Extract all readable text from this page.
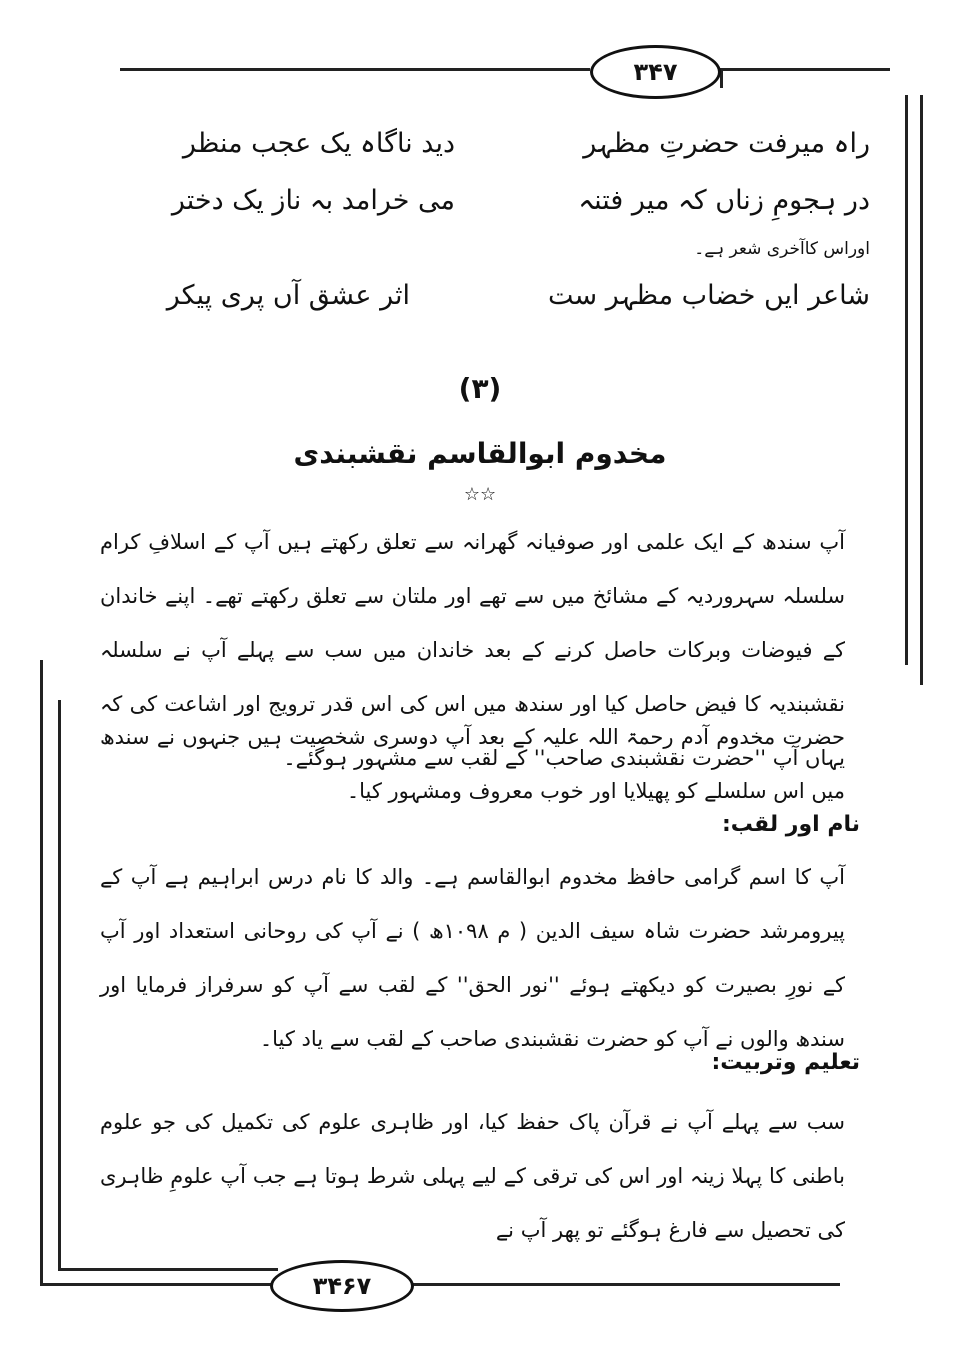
۳۴۷
۳۴۶۷
راہ میرفت حضرتِ مظہر
دید ناگاہ یک عجب منظر
در ہجومِ زناں کہ میر فتنہ
می خرامد بہ ناز یک دختر
اوراس کاآخری شعر ہے۔
شاعر ایں خضاب مظہر ست
اثر عشق آں پری پیکر
(۳)
مخدوم ابوالقاسم نقشبندی
☆☆
آپ سندھ کے ایک علمی اور صوفیانہ گھرانہ سے تعلق رکھتے ہیں آپ کے اسلافِ کرام سلسلہ سہروردیہ کے مشائخ میں سے تھے اور ملتان سے تعلق رکھتے تھے۔ اپنے خاندان کے فیوضات وبرکات حاصل کرنے کے بعد خاندان میں سب سے پہلے آپ نے سلسلہ نقشبندیہ کا فیض حاصل کیا اور سندھ میں اس کی اس قدر ترویج اور اشاعت کی کہ یہاں آپ ''حضرت نقشبندی صاحب'' کے لقب سے مشہور ہوگئے۔
حضرت مخدوم آدم رحمۃ اللہ علیہ کے بعد آپ دوسری شخصیت ہیں جنہوں نے سندھ میں اس سلسلے کو پھیلایا اور خوب معروف ومشہور کیا۔
نام اور لقب:
آپ کا اسم گرامی حافظ مخدوم ابوالقاسم ہے۔ والد کا نام درس ابراہیم ہے آپ کے پیرومرشد حضرت شاہ سیف الدین ( م ۱۰۹۸ھ ) نے آپ کی روحانی استعداد اور آپ کے نورِ بصیرت کو دیکھتے ہوئے ''نور الحق'' کے لقب سے آپ کو سرفراز فرمایا اور سندھ والوں نے آپ کو حضرت نقشبندی صاحب کے لقب سے یاد کیا۔
تعلیم وتربیت:
سب سے پہلے آپ نے قرآن پاک حفظ کیا، اور ظاہری علوم کی تکمیل کی جو علوم باطنی کا پہلا زینہ اور اس کی ترقی کے لیے پہلی شرط ہوتا ہے جب آپ علومِ ظاہری کی تحصیل سے فارغ ہوگئے تو پھر آپ نے
